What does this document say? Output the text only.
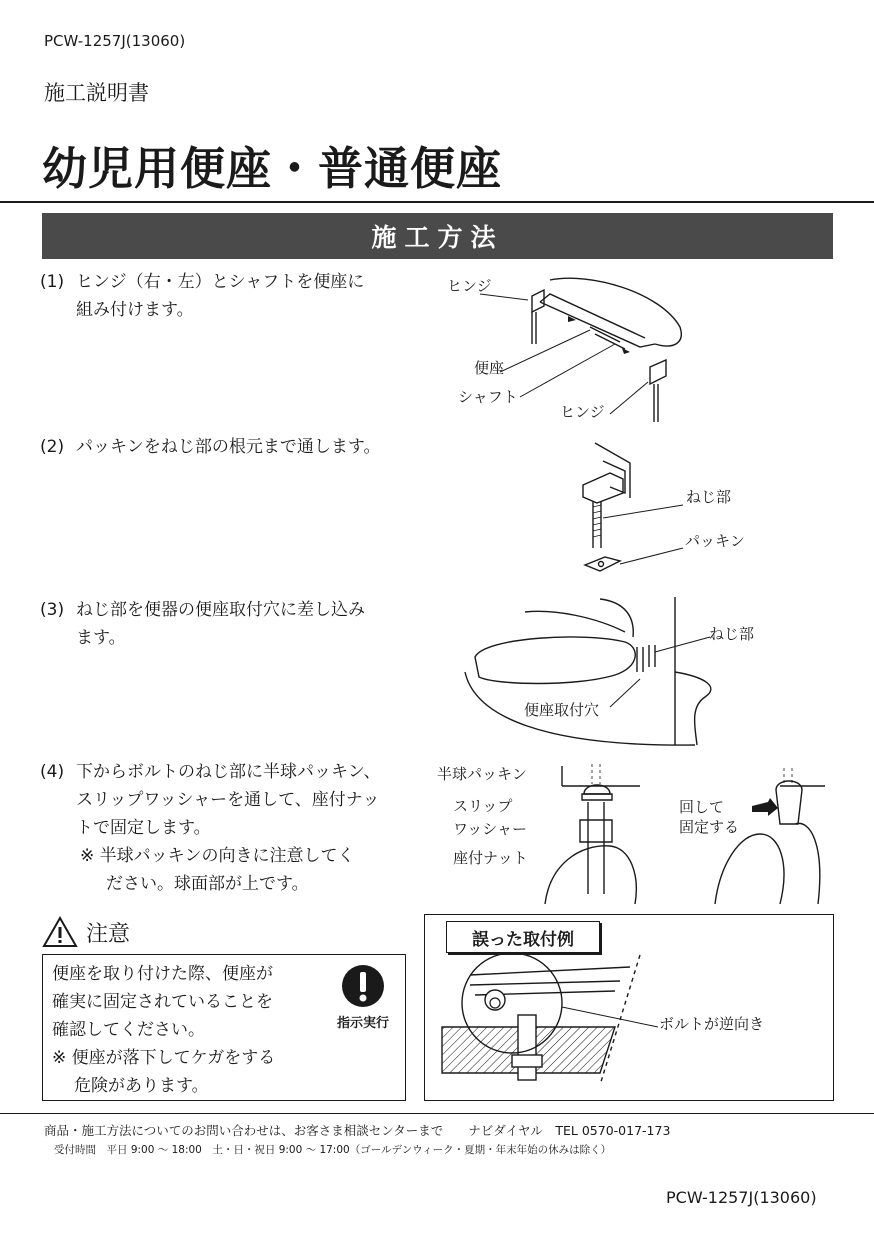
PCW-1257J(13060)
施工説明書
幼児用便座・普通便座
施工方法
(1) ヒンジ（右・左）とシャフトを便座に
組み付けます。
ヒンジ
便座
シャフト
ヒンジ
(2) パッキンをねじ部の根元まで通します。
ねじ部
パッキン
(3) ねじ部を便器の便座取付穴に差し込み
ます。	ねじ部
便座取付穴
(4) 下からボルトのねじ部に半球パッキン、
スリップワッシャーを通して、座付ナッ
トで固定します。
※ 半球パッキンの向きに注意してく
ださい。球面部が上です。
半球パッキン
スリップ
ワッシャー
座付ナット
回して
固定する
注意
便座を取り付けた際、便座が
確実に固定されていることを
確認してください。
※ 便座が落下してケガをする
危険があります。
指示実行
誤った取付例
ボルトが逆向き
商品・施工方法についてのお問い合わせは、お客さま相談センターまで　　ナビダイヤル　TEL 0570-017-173
受付時間　平日 9:00 ～ 18:00　土・日・祝日 9:00 ～ 17:00（ゴールデンウィーク・夏期・年末年始の休みは除く）
PCW-1257J(13060)
